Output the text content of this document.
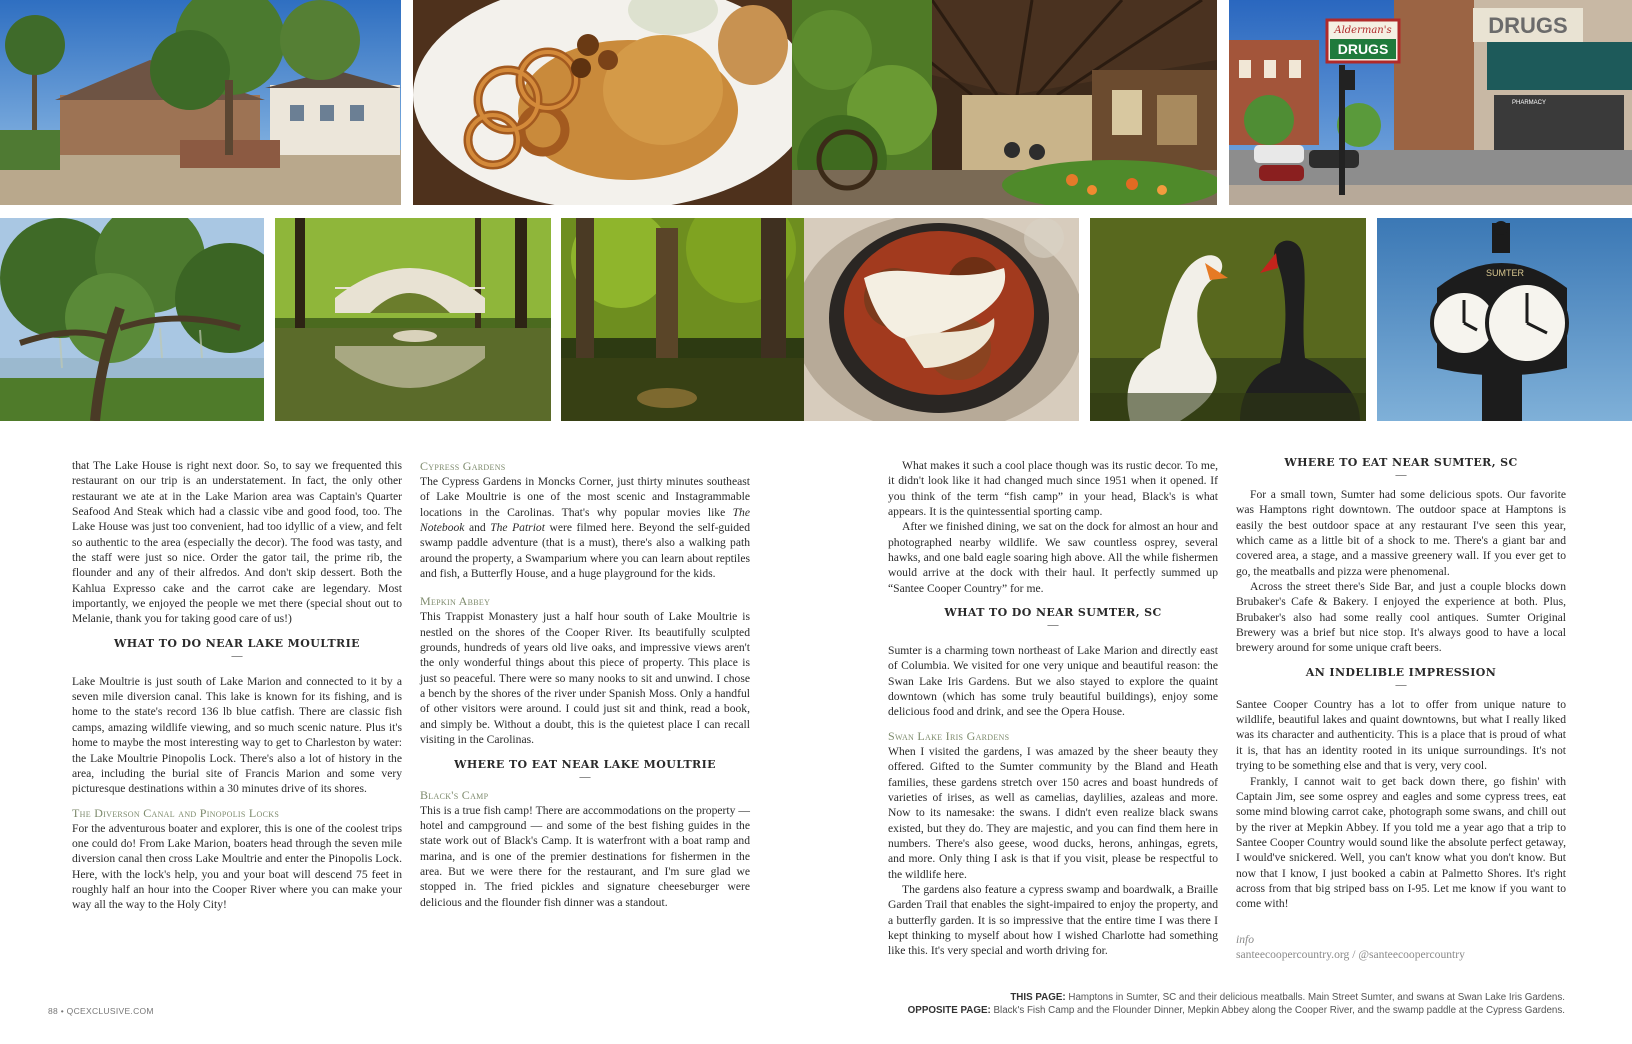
Alderman's
DRUGS
DRUGS
PHARMACY
SUMTER

that The Lake House is right next door. So, to say we frequented this restaurant on our trip is an understatement. In fact, the only other restaurant we ate at in the Lake Marion area was Captain's Quarter Seafood And Steak which had a classic vibe and good food, too. The Lake House was just too convenient, had too idyllic of a view, and felt so authentic to the area (especially the decor). The food was tasty, and the staff were just so nice. Order the gator tail, the prime rib, the flounder and any of their alfredos. And don't skip dessert. Both the Kahlua Expresso cake and the carrot cake are legendary. Most importantly, we enjoyed the people we met there (special shout out to Melanie, thank you for taking good care of us!)

WHAT TO DO NEAR LAKE MOULTRIE
—

Lake Moultrie is just south of Lake Marion and connected to it by a seven mile diversion canal. This lake is known for its fishing, and is home to the state's record 136 lb blue catfish. There are classic fish camps, amazing wildlife viewing, and so much scenic nature. Plus it's home to maybe the most interesting way to get to Charleston by water: the Lake Moultrie Pinopolis Lock. There's also a lot of history in the area, including the burial site of Francis Marion and some very picturesque destinations within a 30 minutes drive of its shores.

The Diverson Canal and Pinopolis Locks

For the adventurous boater and explorer, this is one of the coolest trips one could do! From Lake Marion, boaters head through the seven mile diversion canal then cross Lake Moultrie and enter the Pinopolis Lock. Here, with the lock's help, you and your boat will descend 75 feet in roughly half an hour into the Cooper River where you can make your way all the way to the Holy City!

Cypress Gardens

The Cypress Gardens in Moncks Corner, just thirty minutes southeast of Lake Moultrie is one of the most scenic and Instagrammable locations in the Carolinas. That's why popular movies like The Notebook and The Patriot were filmed here. Beyond the self-guided swamp paddle adventure (that is a must), there's also a walking path around the property, a Swamparium where you can learn about reptiles and fish, a Butterfly House, and a huge playground for the kids.

Mepkin Abbey

This Trappist Monastery just a half hour south of Lake Moultrie is nestled on the shores of the Cooper River. Its beautifully sculpted grounds, hundreds of years old live oaks, and impressive views aren't the only wonderful things about this piece of property. This place is just so peaceful. There were so many nooks to sit and unwind. I chose a bench by the shores of the river under Spanish Moss. Only a handful of other visitors were around. I could just sit and think, read a book, and simply be. Without a doubt, this is the quietest place I can recall visiting in the Carolinas.

WHERE TO EAT NEAR LAKE MOULTRIE
—
Black's Camp

This is a true fish camp! There are accommodations on the property — hotel and campground — and some of the best fishing guides in the state work out of Black's Camp. It is waterfront with a boat ramp and marina, and is one of the premier destinations for fishermen in the area. But we were there for the restaurant, and I'm sure glad we stopped in. The fried pickles and signature cheeseburger were delicious and the flounder fish dinner was a standout.

What makes it such a cool place though was its rustic decor. To me, it didn't look like it had changed much since 1951 when it opened. If you think of the term “fish camp” in your head, Black's is what appears. It is the quintessential sporting camp.

After we finished dining, we sat on the dock for almost an hour and photographed nearby wildlife. We saw countless osprey, several hawks, and one bald eagle soaring high above. All the while fishermen would arrive at the dock with their haul. It perfectly summed up “Santee Cooper Country” for me.

WHAT TO DO NEAR SUMTER, SC
—

Sumter is a charming town northeast of Lake Marion and directly east of Columbia. We visited for one very unique and beautiful reason: the Swan Lake Iris Gardens. But we also stayed to explore the quaint downtown (which has some truly beautiful buildings), enjoy some delicious food and drink, and see the Opera House.

Swan Lake Iris Gardens

When I visited the gardens, I was amazed by the sheer beauty they offered. Gifted to the Sumter community by the Bland and Heath families, these gardens stretch over 150 acres and boast hundreds of varieties of irises, as well as camelias, daylilies, azaleas and more. Now to its namesake: the swans. I didn't even realize black swans existed, but they do. They are majestic, and you can find them here in numbers. There's also geese, wood ducks, herons, anhingas, egrets, and more. Only thing I ask is that if you visit, please be respectful to the wildlife here.

The gardens also feature a cypress swamp and boardwalk, a Braille Garden Trail that enables the sight-impaired to enjoy the property, and a butterfly garden. It is so impressive that the entire time I was there I kept thinking to myself about how I wished Charlotte had something like this. It's very special and worth driving for.

WHERE TO EAT NEAR SUMTER, SC
—

For a small town, Sumter had some delicious spots. Our favorite was Hamptons right downtown. The outdoor space at Hamptons is easily the best outdoor space at any restaurant I've seen this year, which came as a little bit of a shock to me. There's a giant bar and covered area, a stage, and a massive greenery wall. If you ever get to go, the meatballs and pizza were phenomenal.

Across the street there's Side Bar, and just a couple blocks down Brubaker's Cafe & Bakery. I enjoyed the experience at both. Plus, Brubaker's also had some really cool antiques. Sumter Original Brewery was a brief but nice stop. It's always good to have a local brewery around for some unique craft beers.

AN INDELIBLE IMPRESSION
—

Santee Cooper Country has a lot to offer from unique nature to wildlife, beautiful lakes and quaint downtowns, but what I really liked was its character and authenticity. This is a place that is proud of what it is, that has an identity rooted in its unique surroundings. It's not trying to be something else and that is very, very cool.

Frankly, I cannot wait to get back down there, go fishin' with Captain Jim, see some osprey and eagles and some cypress trees, eat some mind blowing carrot cake, photograph some swans, and chill out by the river at Mepkin Abbey. If you told me a year ago that a trip to Santee Cooper Country would sound like the absolute perfect getaway, I would've snickered. Well, you can't know what you don't know. But now that I know, I just booked a cabin at Palmetto Shores. It's right across from that big striped bass on I-95. Let me know if you want to come with!

info

santeecoopercountry.org / @santeecoopercountry

88 • QCEXCLUSIVE.COM
THIS PAGE: Hamptons in Sumter, SC and their delicious meatballs. Main Street Sumter, and swans at Swan Lake Iris Gardens.
OPPOSITE PAGE: Black's Fish Camp and the Flounder Dinner, Mepkin Abbey along the Cooper River, and the swamp paddle at the Cypress Gardens.
